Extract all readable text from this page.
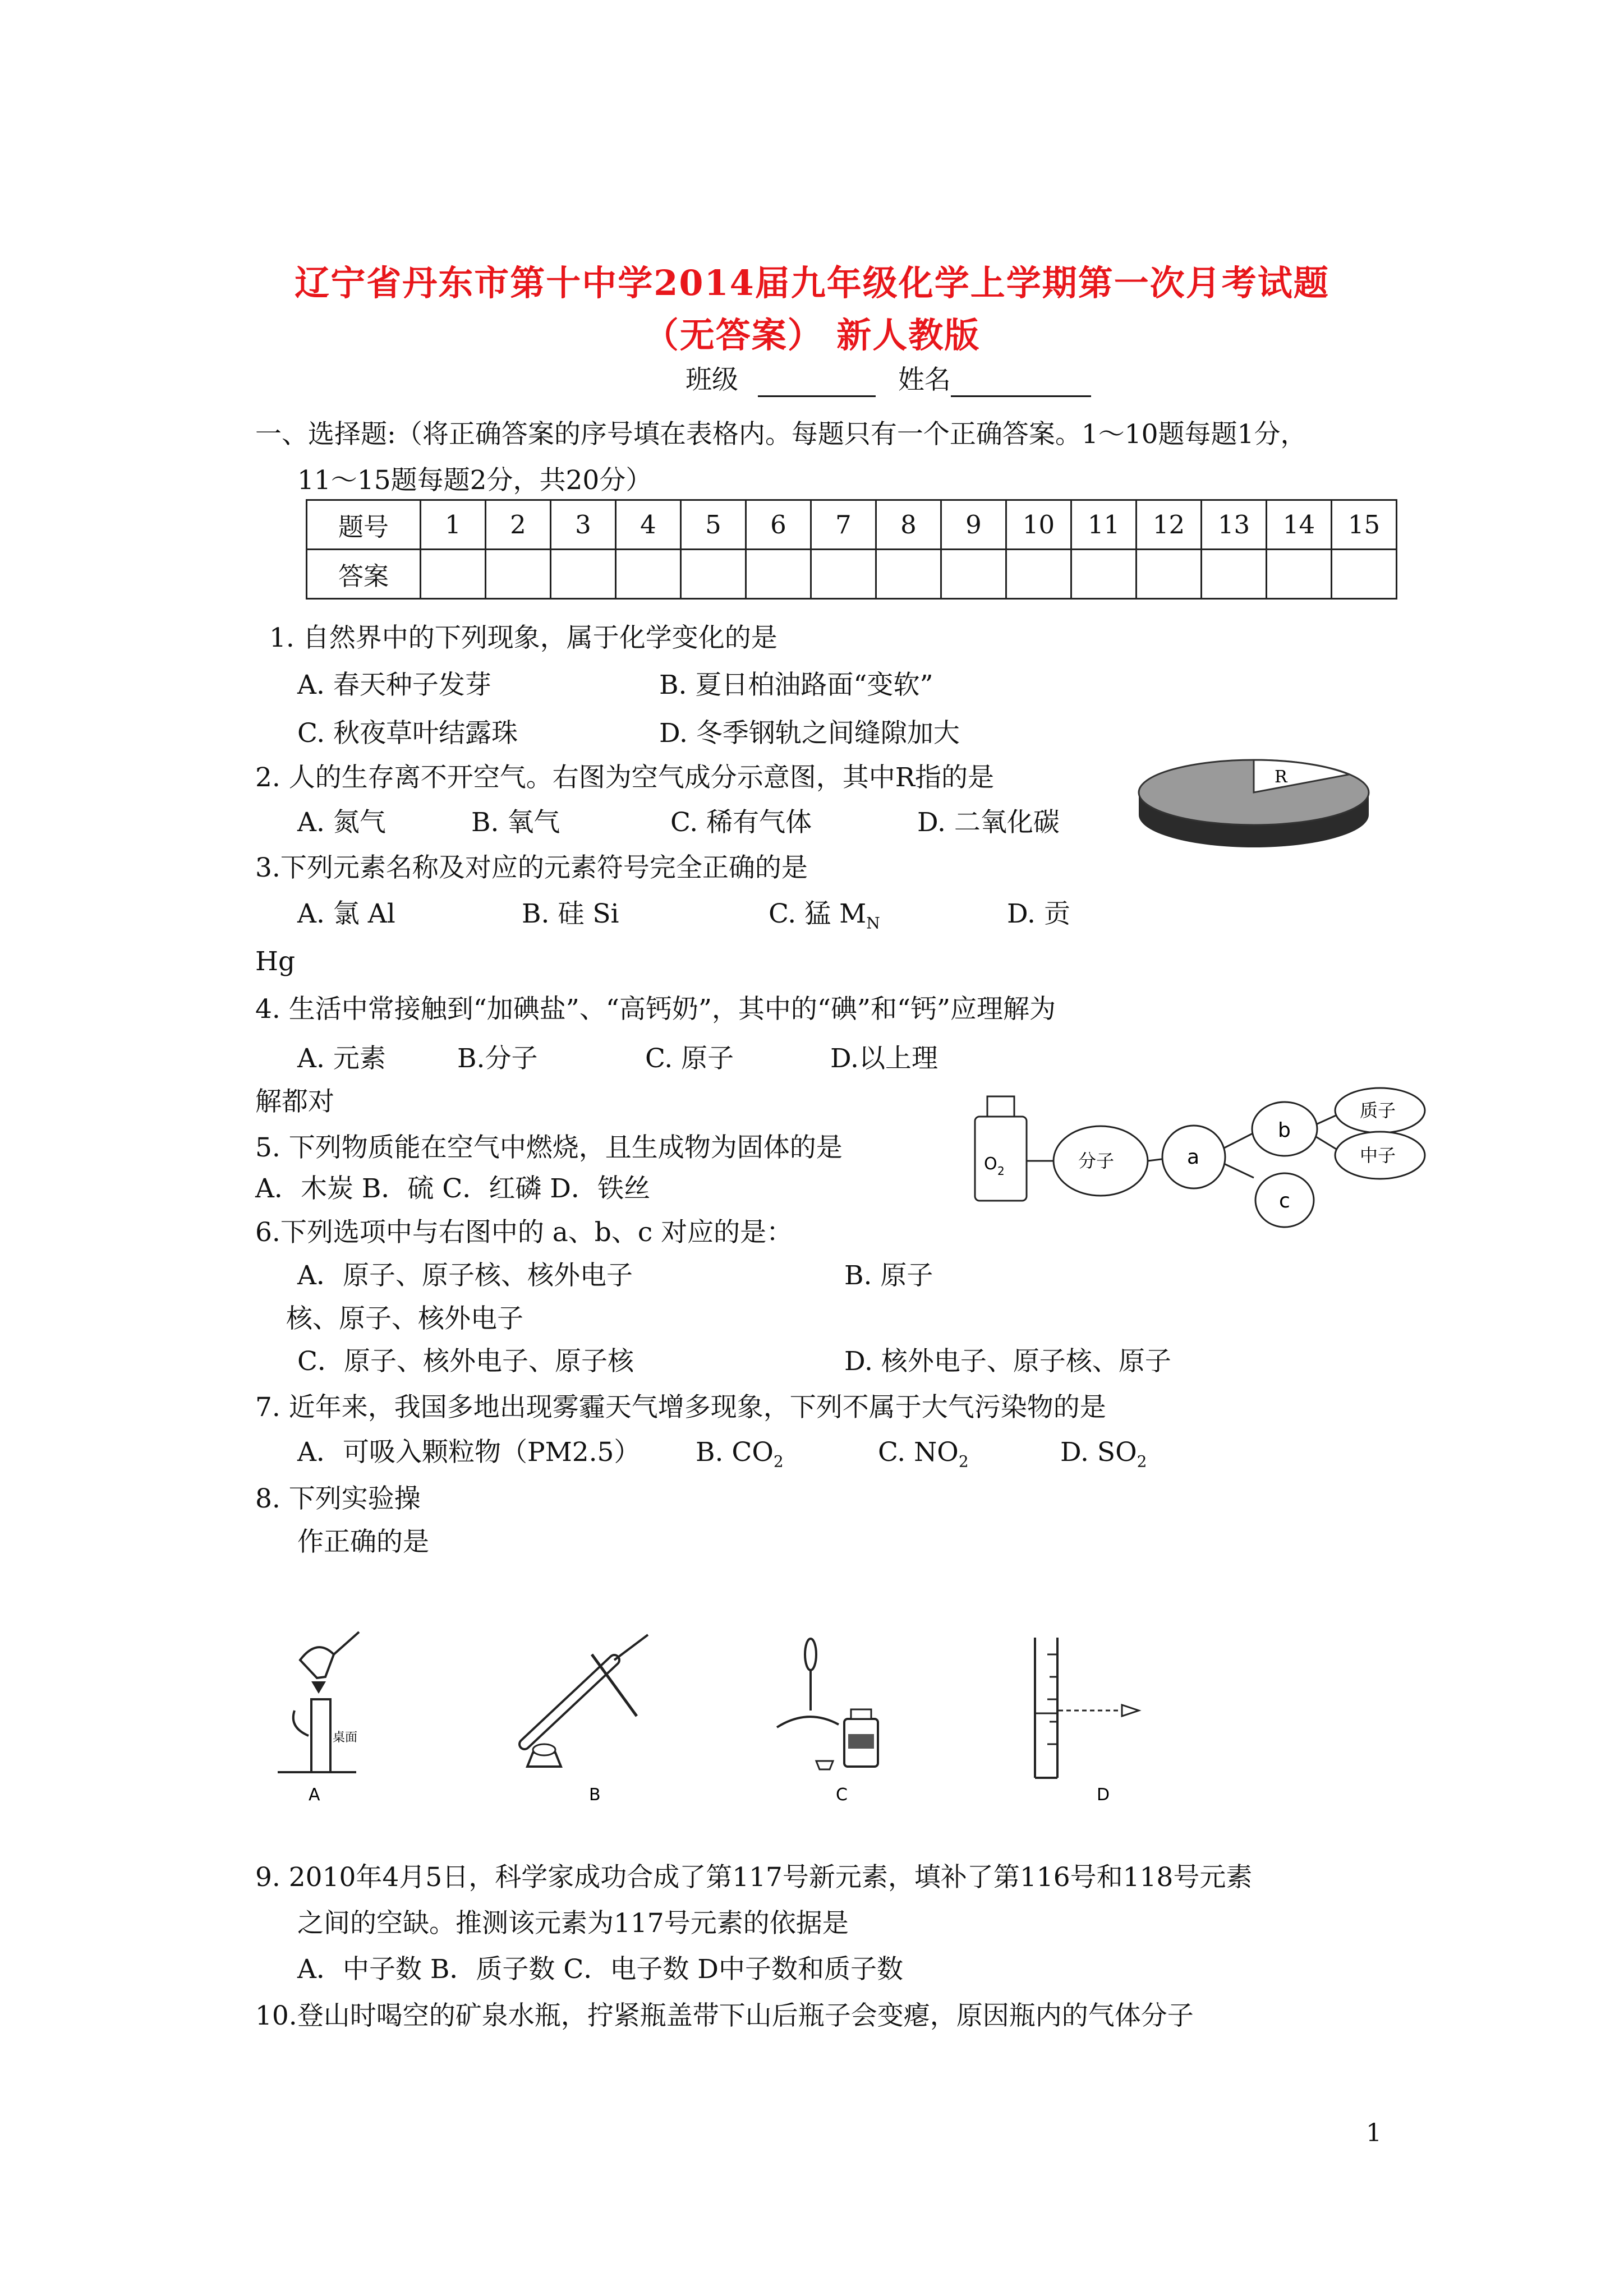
辽宁省丹东市第十中学2014届九年级化学上学期第一次月考试题
（无答案） 新人教版
班级	姓名
一、选择题:（将正确答案的序号填在表格内。每题只有一个正确答案。1～10题每题1分，
11～15题每题2分，共20分）
题号	1	2	3	4	5	6	7	8	9	10	11	12	13	14	15
答案															
1. 自然界中的下列现象，属于化学变化的是
A. 春天种子发芽	B. 夏日柏油路面“变软”
C. 秋夜草叶结露珠	D. 冬季钢轨之间缝隙加大
2. 人的生存离不开空气。右图为空气成分示意图，其中R指的是
A. 氮气	B. 氧气	C. 稀有气体	D. 二氧化碳
R
3.下列元素名称及对应的元素符号完全正确的是
A. 氯 Al	B. 硅 Si	C. 猛 $M_N$	D. 贡
Hg
4. 生活中常接触到“加碘盐”、“高钙奶”，其中的“碘”和“钙”应理解为
A. 元素	B.分子	C. 原子	D.以上理
解都对
5. 下列物质能在空气中燃烧，且生成物为固体的是
A．木炭 B．硫 C．红磷 D．铁丝
O 2	分子	a
b
c
质子
中子
6.下列选项中与右图中的 a、b、c 对应的是：
A．原子、原子核、核外电子	B. 原子
核、原子、核外电子
C．原子、核外电子、原子核	D. 核外电子、原子核、原子
7. 近年来，我国多地出现雾霾天气增多现象，下列不属于大气污染物的是
A．可吸入颗粒物（PM2.5） B. $CO_2$	C. $NO_2$	D. $SO_2$
8. 下列实验操
作正确的是
桌面
A	B	C	D
9. 2010年4月5日，科学家成功合成了第117号新元素，填补了第116号和118号元素
之间的空缺。推测该元素为117号元素的依据是
A．中子数 B．质子数 C．电子数 D中子数和质子数
10.登山时喝空的矿泉水瓶，拧紧瓶盖带下山后瓶子会变瘪，原因瓶内的气体分子
1
